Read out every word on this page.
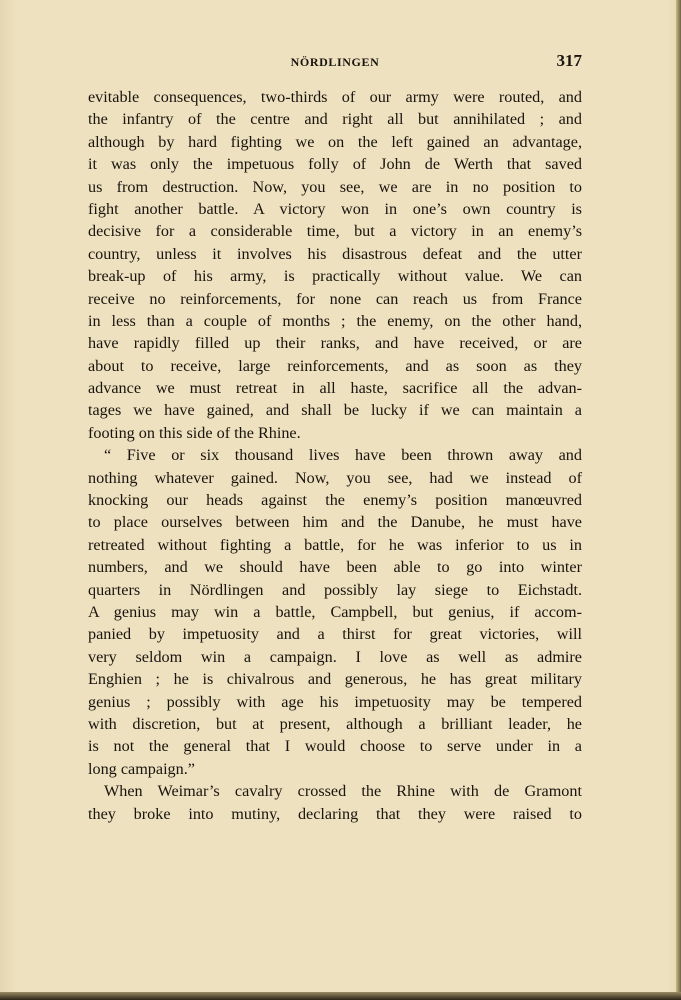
NÖRDLINGEN	317
evitable consequences, two-thirds of our army were routed, and
the infantry of the centre and right all but annihilated ; and
although by hard fighting we on the left gained an advantage,
it was only the impetuous folly of John de Werth that saved
us from destruction. Now, you see, we are in no position to
fight another battle. A victory won in one’s own country is
decisive for a considerable time, but a victory in an enemy’s
country, unless it involves his disastrous defeat and the utter
break-up of his army, is practically without value. We can
receive no reinforcements, for none can reach us from France
in less than a couple of months ; the enemy, on the other hand,
have rapidly filled up their ranks, and have received, or are
about to receive, large reinforcements, and as soon as they
advance we must retreat in all haste, sacrifice all the advan-
tages we have gained, and shall be lucky if we can maintain a
footing on this side of the Rhine.
“ Five or six thousand lives have been thrown away and
nothing whatever gained. Now, you see, had we instead of
knocking our heads against the enemy’s position manœuvred
to place ourselves between him and the Danube, he must have
retreated without fighting a battle, for he was inferior to us in
numbers, and we should have been able to go into winter
quarters in Nördlingen and possibly lay siege to Eichstadt.
A genius may win a battle, Campbell, but genius, if accom-
panied by impetuosity and a thirst for great victories, will
very seldom win a campaign. I love as well as admire
Enghien ; he is chivalrous and generous, he has great military
genius ; possibly with age his impetuosity may be tempered
with discretion, but at present, although a brilliant leader, he
is not the general that I would choose to serve under in a
long campaign.”
When Weimar’s cavalry crossed the Rhine with de Gramont
they broke into mutiny, declaring that they were raised to
